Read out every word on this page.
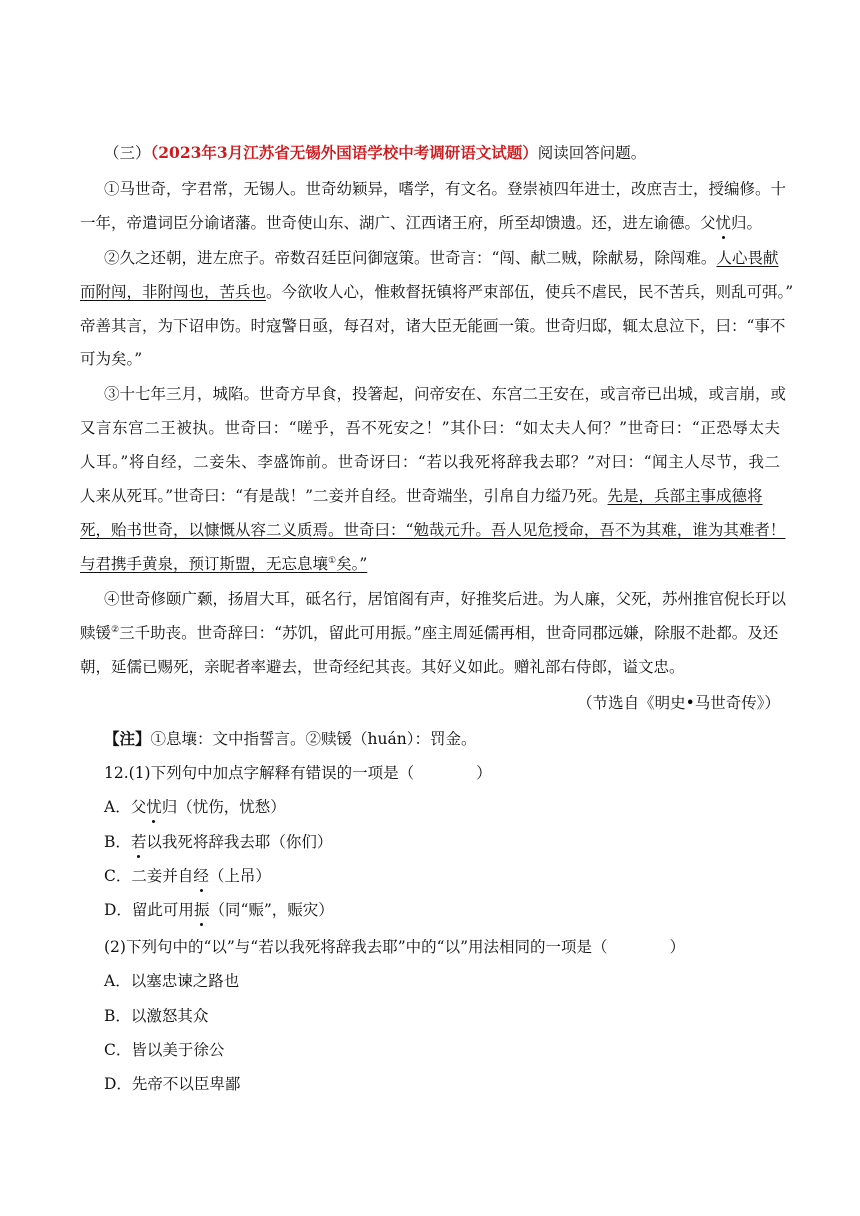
（三）（2023年3月江苏省无锡外国语学校中考调研语文试题）阅读回答问题。
①马世奇，字君常，无锡人。世奇幼颖异，嗜学，有文名。登崇祯四年进士，改庶吉士，授编修。十
一年，帝遣词臣分谕诸藩。世奇使山东、湖广、江西诸王府，所至却馈遗。还，进左谕德。父忧归。
②久之还朝，进左庶子。帝数召廷臣问御寇策。世奇言：“闯、献二贼，除献易，除闯难。人心畏献
而附闯，非附闯也，苦兵也。今欲收人心，惟敕督抚镇将严束部伍，使兵不虐民，民不苦兵，则乱可弭。”
帝善其言，为下诏申饬。时寇警日亟，每召对，诸大臣无能画一策。世奇归邸，辄太息泣下，曰：“事不
可为矣。”
③十七年三月，城陷。世奇方早食，投箸起，问帝安在、东宫二王安在，或言帝已出城，或言崩，或
又言东宫二王被执。世奇曰：“嗟乎，吾不死安之！”其仆曰：“如太夫人何？”世奇曰：“正恐辱太夫
人耳。”将自经，二妾朱、李盛饰前。世奇讶曰：“若以我死将辞我去耶？”对曰：“闻主人尽节，我二
人来从死耳。”世奇曰：“有是哉！”二妾并自经。世奇端坐，引帛自力缢乃死。先是，兵部主事成德将
死，贻书世奇，以慷慨从容二义质焉。世奇曰：“勉哉元升。吾人见危授命，吾不为其难，谁为其难者！
与君携手黄泉，预订斯盟，无忘息壤①矣。”
④世奇修颐广颡，扬眉大耳，砥名行，居馆阁有声，好推奖后进。为人廉，父死，苏州推官倪长玗以
赎锾②三千助丧。世奇辞曰：“苏饥，留此可用振。”座主周延儒再相，世奇同郡远嫌，除服不赴都。及还
朝，延儒已赐死，亲昵者率避去，世奇经纪其丧。其好义如此。赠礼部右侍郎，谥文忠。
（节选自《明史•马世奇传》）
【注】①息壤：文中指誓言。②赎锾（huán）：罚金。
12.(1)下列句中加点字解释有错误的一项是（　　　　）
A．父忧归（忧伤，忧愁）
B．若以我死将辞我去耶（你们）
C．二妾并自经（上吊）
D．留此可用振（同“赈”，赈灾）
(2)下列句中的“以”与“若以我死将辞我去耶”中的“以”用法相同的一项是（　　　　）
A．以塞忠谏之路也
B．以激怒其众
C．皆以美于徐公
D．先帝不以臣卑鄙
